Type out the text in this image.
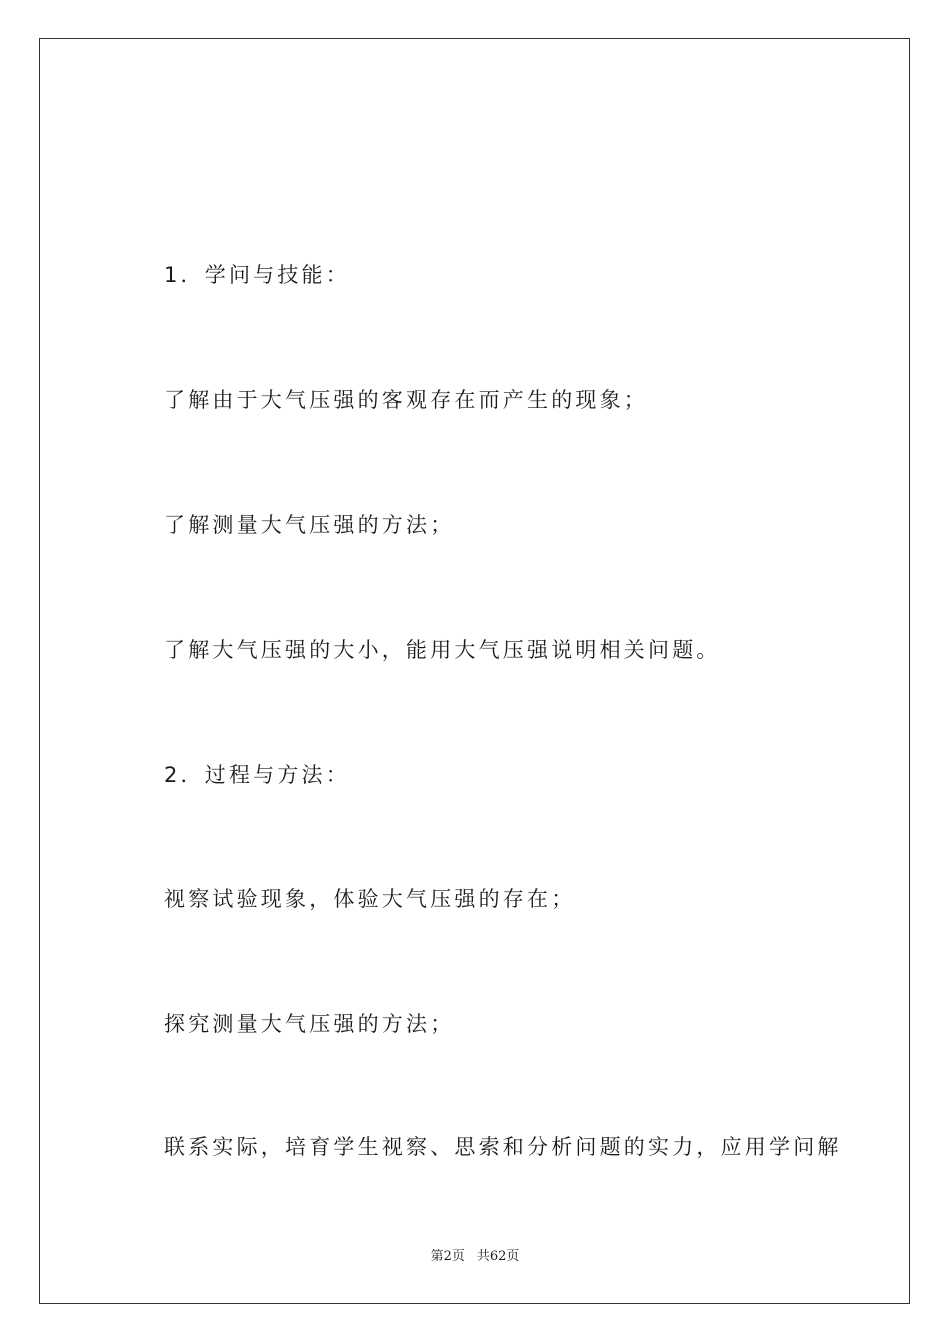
1．学问与技能：
了解由于大气压强的客观存在而产生的现象；
了解测量大气压强的方法；
了解大气压强的大小，能用大气压强说明相关问题。
2．过程与方法：
视察试验现象，体验大气压强的存在；
探究测量大气压强的方法；
联系实际，培育学生视察、思索和分析问题的实力，应用学问解
第2页 共62页
